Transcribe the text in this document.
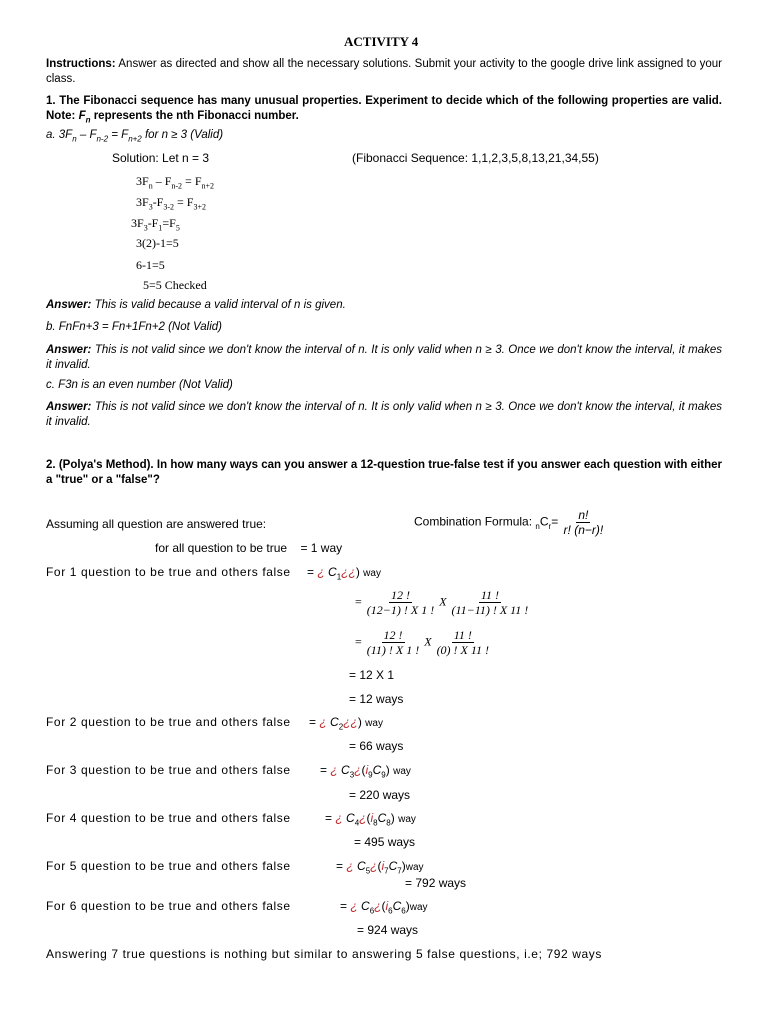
ACTIVITY 4
Instructions: Answer as directed and show all the necessary solutions. Submit your activity to the google drive link assigned to your class.
1. The Fibonacci sequence has many unusual properties. Experiment to decide which of the following properties are valid. Note: $F_n$ represents the nth Fibonacci number.
a. $3F_n - F_{n-2} = F_{n+2}$ for n ≥ 3 (Valid)
Solution: Let n = 3	(Fibonacci Sequence: 1,1,2,3,5,8,13,21,34,55)
$3F_n - F_{n-2} = F_{n+2}$
$3F_3-F_{3-2} = F_{3+2}$
$3F_3-F_1=F_5$
3(2)-1=5
6-1=5
5=5 Checked
Answer: This is valid because a valid interval of n is given.
b. FnFn+3 = Fn+1Fn+2 (Not Valid)
Answer: This is not valid since we don't know the interval of n. It is only valid when n ≥ 3. Once we don't know the interval, it makes it invalid.
c. F3n is an even number (Not Valid)
Answer: This is not valid since we don't know the interval of n. It is only valid when n ≥ 3. Once we don't know the interval, it makes it invalid.
2. (Polya's Method). In how many ways can you answer a 12-question true-false test if you answer each question with either a "true" or a "false"?
Assuming all question are answered true:	Combination Formula: $_nC_r= \frac{n!}{r! (n-r)!}$
for all question to be true = 1 way
For 1 question to be true and others false = ¿ $C_1¿¿$) way
= $\frac{12 !}{(12-1) ! X 1 !}$ X $\frac{11 !}{(11-11) ! X 11 !}$
= $\frac{12 !}{(11) ! X 1 !}$ X $\frac{11 !}{(0) ! X 11 !}$
= 12 X 1
= 12 ways
For 2 question to be true and others false = ¿ $C_2¿¿$) way
= 66 ways
For 3 question to be true and others false = ¿ $C_3¿(i_9C_9)$ way
= 220 ways
For 4 question to be true and others false	= ¿ $C_4¿(i_8C_8)$ way
= 495 ways
For 5 question to be true and others false	= ¿ $C_5¿(i_7C_7)way$
= 792 ways
For 6 question to be true and others false	= ¿ $C_6¿(i_6C_6)way$
= 924 ways
Answering 7 true questions is nothing but similar to answering 5 false questions, i.e; 792 ways
